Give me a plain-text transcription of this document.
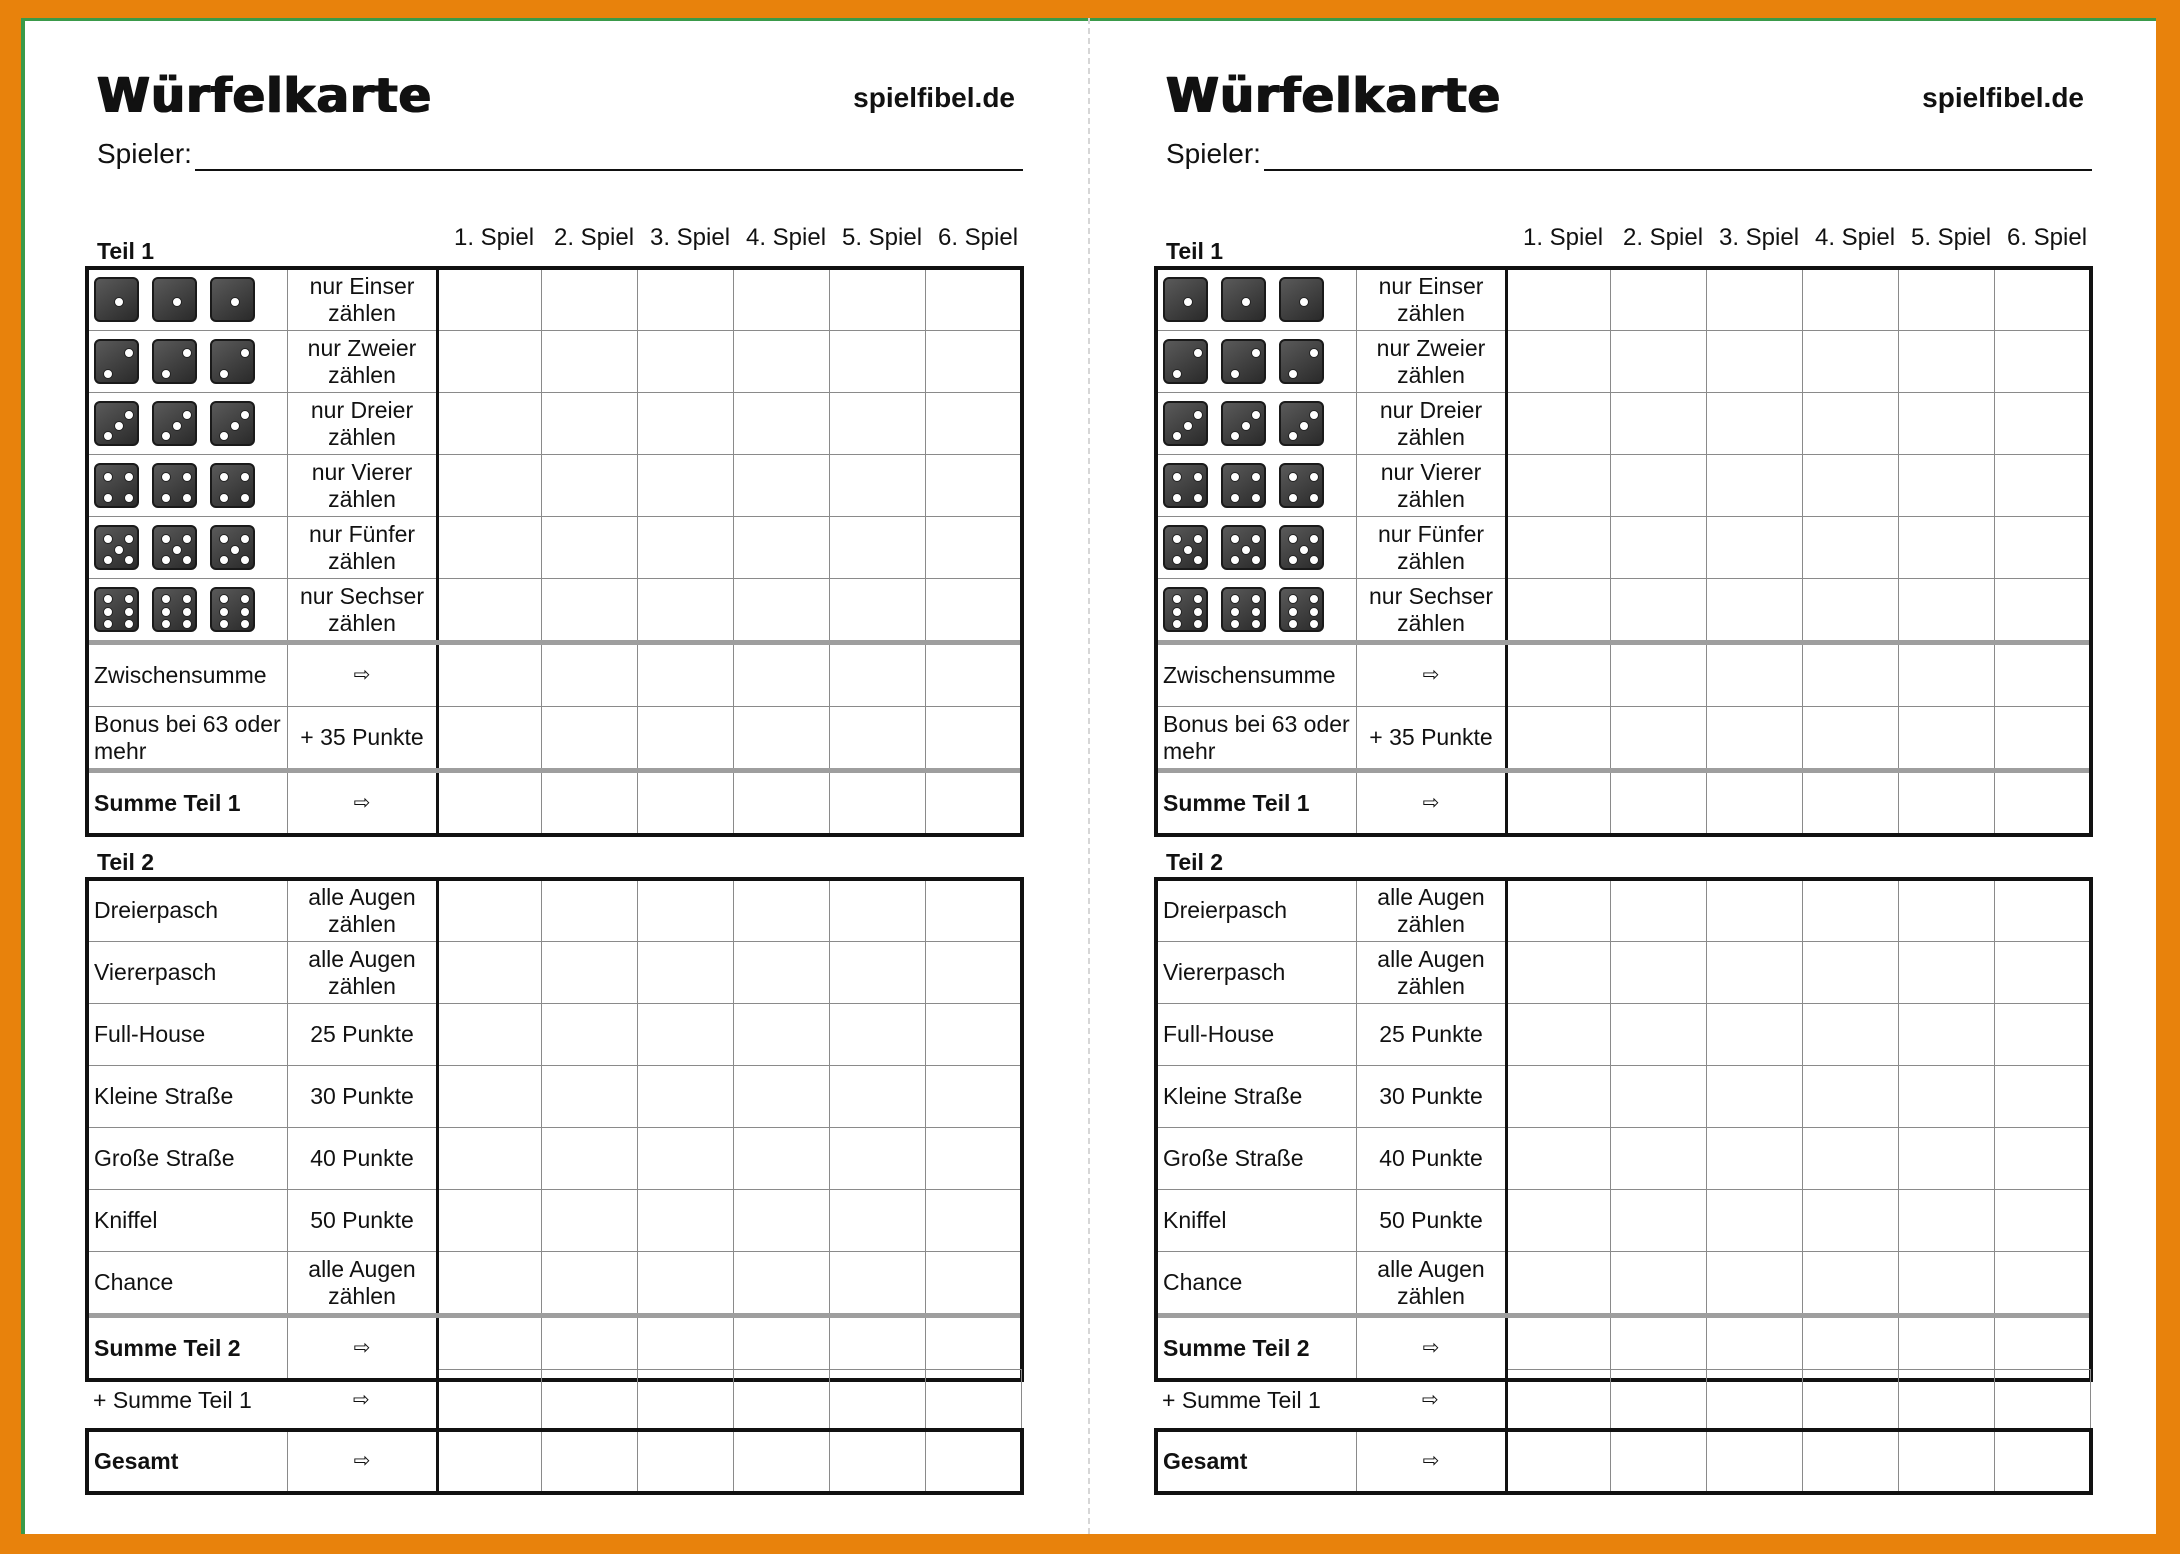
Würfelkarte	spielfibel.de
Spieler:
Teil 1	1. Spiel 2. Spiel 3. Spiel 4. Spiel 5. Spiel 6. Spiel
	nur Einser zählen						

	nur Zweier zählen						

	nur Dreier zählen						

	nur Vierer zählen						

	nur Fünfer zählen						

	nur Sechser zählen						
Zwischensumme	⇨						
Bonus bei 63 oder mehr	+ 35 Punkte						
Summe Teil 1	⇨						
Teil 2
Dreierpasch	alle Augen zählen						
Viererpasch	alle Augen zählen						
Full-House	25 Punkte						
Kleine Straße	30 Punkte						
Große Straße	40 Punkte						
Kniffel	50 Punkte						
Chance	alle Augen zählen						
Summe Teil 2	⇨						
+ Summe Teil 1	⇨						
Gesamt	⇨						
Würfelkarte	spielfibel.de
Spieler:
Teil 1	1. Spiel 2. Spiel 3. Spiel 4. Spiel 5. Spiel 6. Spiel
	nur Einser zählen						

	nur Zweier zählen						

	nur Dreier zählen						

	nur Vierer zählen						

	nur Fünfer zählen						

	nur Sechser zählen						
Zwischensumme	⇨						
Bonus bei 63 oder mehr	+ 35 Punkte						
Summe Teil 1	⇨						
Teil 2
Dreierpasch	alle Augen zählen						
Viererpasch	alle Augen zählen						
Full-House	25 Punkte						
Kleine Straße	30 Punkte						
Große Straße	40 Punkte						
Kniffel	50 Punkte						
Chance	alle Augen zählen						
Summe Teil 2	⇨						
+ Summe Teil 1	⇨						
Gesamt	⇨						
